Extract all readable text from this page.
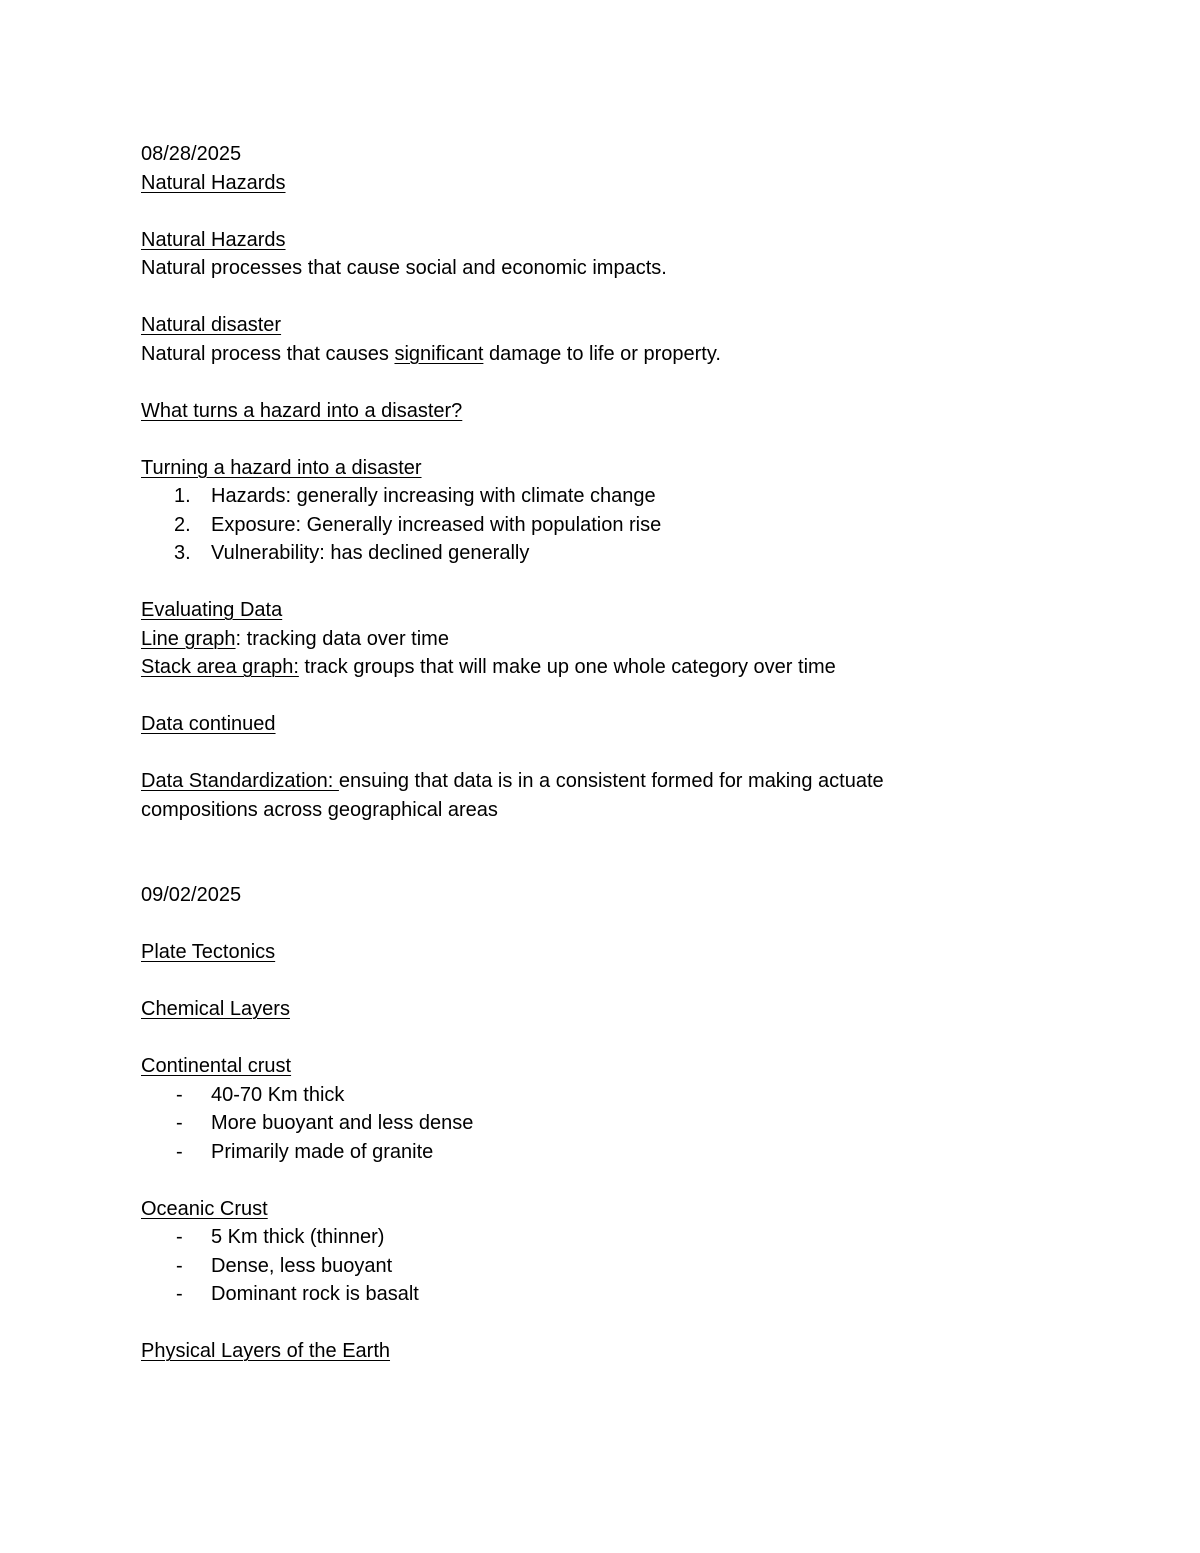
08/28/2025
Natural Hazards
Natural Hazards
Natural processes that cause social and economic impacts.
Natural disaster
Natural process that causes significant damage to life or property.
What turns a hazard into a disaster?
Turning a hazard into a disaster
1. Hazards: generally increasing with climate change
2. Exposure: Generally increased with population rise
3. Vulnerability: has declined generally
Evaluating Data
Line graph: tracking data over time
Stack area graph: track groups that will make up one whole category over time
Data continued
Data Standardization: ensuing that data is in a consistent formed for making actuate compositions across geographical areas
09/02/2025
Plate Tectonics
Chemical Layers
Continental crust
- 40-70 Km thick
- More buoyant and less dense
- Primarily made of granite
Oceanic Crust
- 5 Km thick (thinner)
- Dense, less buoyant
- Dominant rock is basalt
Physical Layers of the Earth
